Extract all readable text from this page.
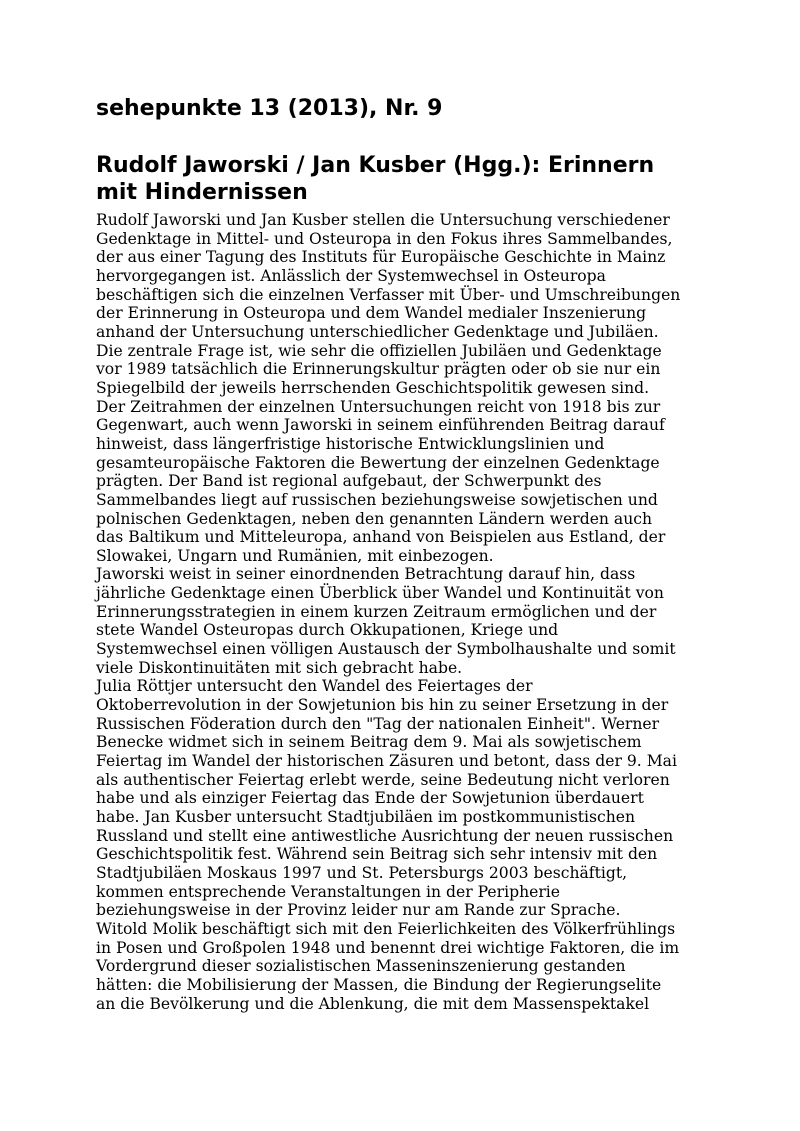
sehepunkte 13 (2013), Nr. 9
Rudolf Jaworski / Jan Kusber (Hgg.): Erinnern
mit Hindernissen
Rudolf Jaworski und Jan Kusber stellen die Untersuchung verschiedener
Gedenktage in Mittel- und Osteuropa in den Fokus ihres Sammelbandes,
der aus einer Tagung des Instituts für Europäische Geschichte in Mainz
hervorgegangen ist. Anlässlich der Systemwechsel in Osteuropa
beschäftigen sich die einzelnen Verfasser mit Über- und Umschreibungen
der Erinnerung in Osteuropa und dem Wandel medialer Inszenierung
anhand der Untersuchung unterschiedlicher Gedenktage und Jubiläen.
Die zentrale Frage ist, wie sehr die offiziellen Jubiläen und Gedenktage
vor 1989 tatsächlich die Erinnerungskultur prägten oder ob sie nur ein
Spiegelbild der jeweils herrschenden Geschichtspolitik gewesen sind.
Der Zeitrahmen der einzelnen Untersuchungen reicht von 1918 bis zur
Gegenwart, auch wenn Jaworski in seinem einführenden Beitrag darauf
hinweist, dass längerfristige historische Entwicklungslinien und
gesamteuropäische Faktoren die Bewertung der einzelnen Gedenktage
prägten. Der Band ist regional aufgebaut, der Schwerpunkt des
Sammelbandes liegt auf russischen beziehungsweise sowjetischen und
polnischen Gedenktagen, neben den genannten Ländern werden auch
das Baltikum und Mitteleuropa, anhand von Beispielen aus Estland, der
Slowakei, Ungarn und Rumänien, mit einbezogen.
Jaworski weist in seiner einordnenden Betrachtung darauf hin, dass
jährliche Gedenktage einen Überblick über Wandel und Kontinuität von
Erinnerungsstrategien in einem kurzen Zeitraum ermöglichen und der
stete Wandel Osteuropas durch Okkupationen, Kriege und
Systemwechsel einen völligen Austausch der Symbolhaushalte und somit
viele Diskontinuitäten mit sich gebracht habe.
Julia Röttjer untersucht den Wandel des Feiertages der
Oktoberrevolution in der Sowjetunion bis hin zu seiner Ersetzung in der
Russischen Föderation durch den "Tag der nationalen Einheit". Werner
Benecke widmet sich in seinem Beitrag dem 9. Mai als sowjetischem
Feiertag im Wandel der historischen Zäsuren und betont, dass der 9. Mai
als authentischer Feiertag erlebt werde, seine Bedeutung nicht verloren
habe und als einziger Feiertag das Ende der Sowjetunion überdauert
habe. Jan Kusber untersucht Stadtjubiläen im postkommunistischen
Russland und stellt eine antiwestliche Ausrichtung der neuen russischen
Geschichtspolitik fest. Während sein Beitrag sich sehr intensiv mit den
Stadtjubiläen Moskaus 1997 und St. Petersburgs 2003 beschäftigt,
kommen entsprechende Veranstaltungen in der Peripherie
beziehungsweise in der Provinz leider nur am Rande zur Sprache.
Witold Molik beschäftigt sich mit den Feierlichkeiten des Völkerfrühlings
in Posen und Großpolen 1948 und benennt drei wichtige Faktoren, die im
Vordergrund dieser sozialistischen Masseninszenierung gestanden
hätten: die Mobilisierung der Massen, die Bindung der Regierungselite
an die Bevölkerung und die Ablenkung, die mit dem Massenspektakel
